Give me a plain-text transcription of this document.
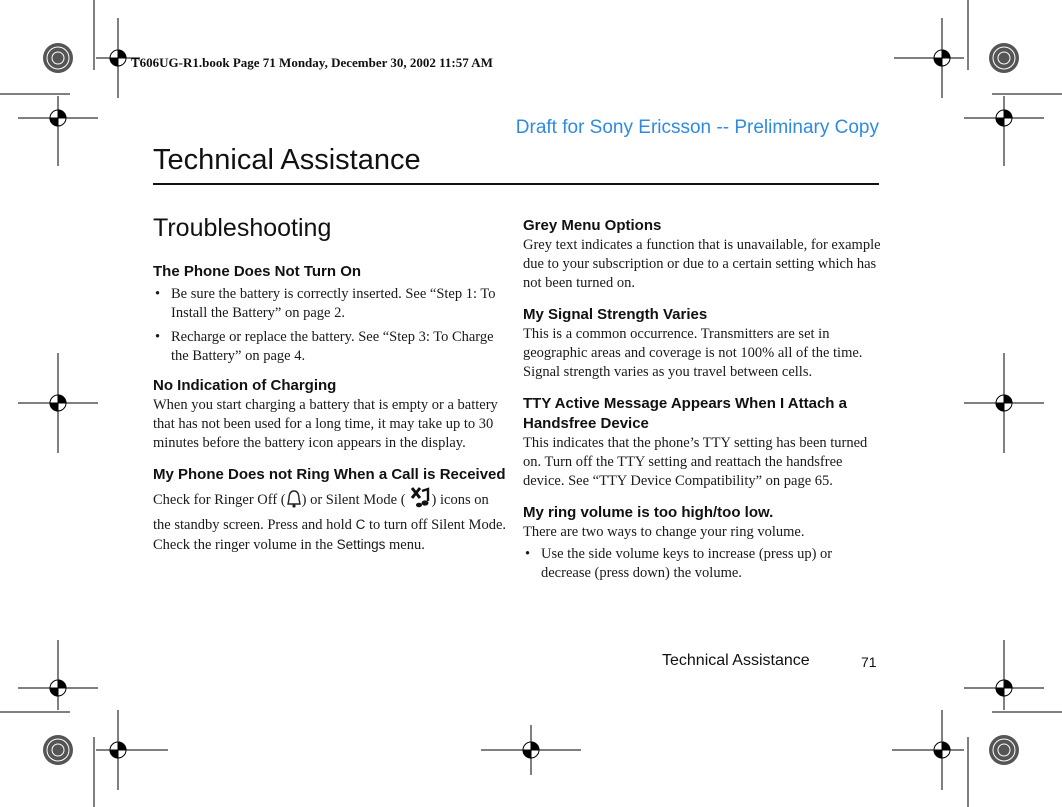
T606UG-R1.book Page 71 Monday, December 30, 2002 11:57 AM
Draft for Sony Ericsson -- Preliminary Copy
Technical Assistance
Troubleshooting
The Phone Does Not Turn On
• Be sure the battery is correctly inserted. See “Step 1: To Install the Battery” on page 2.
• Recharge or replace the battery. See “Step 3: To Charge the Battery” on page 4.
No Indication of Charging

When you start charging a battery that is empty or a battery that has not been used for a long time, it may take up to 30 minutes before the battery icon appears in the display.

My Phone Does not Ring When a Call is Received

Check for Ringer Off ( ) or Silent Mode ( ) icons on the standby screen. Press and hold C to turn off Silent Mode.
Check the ringer volume in the Settings menu.

Grey Menu Options

Grey text indicates a function that is unavailable, for example due to your subscription or due to a certain setting which has not been turned on.

My Signal Strength Varies

This is a common occurrence. Transmitters are set in geographic areas and coverage is not 100% all of the time. Signal strength varies as you travel between cells.

TTY Active Message Appears When I Attach a Handsfree Device

This indicates that the phone’s TTY setting has been turned on. Turn off the TTY setting and reattach the handsfree device. See “TTY Device Compatibility” on page 65.

My ring volume is too high/too low.

There are two ways to change your ring volume.

• Use the side volume keys to increase (press up) or decrease (press down) the volume.
Technical Assistance	71
